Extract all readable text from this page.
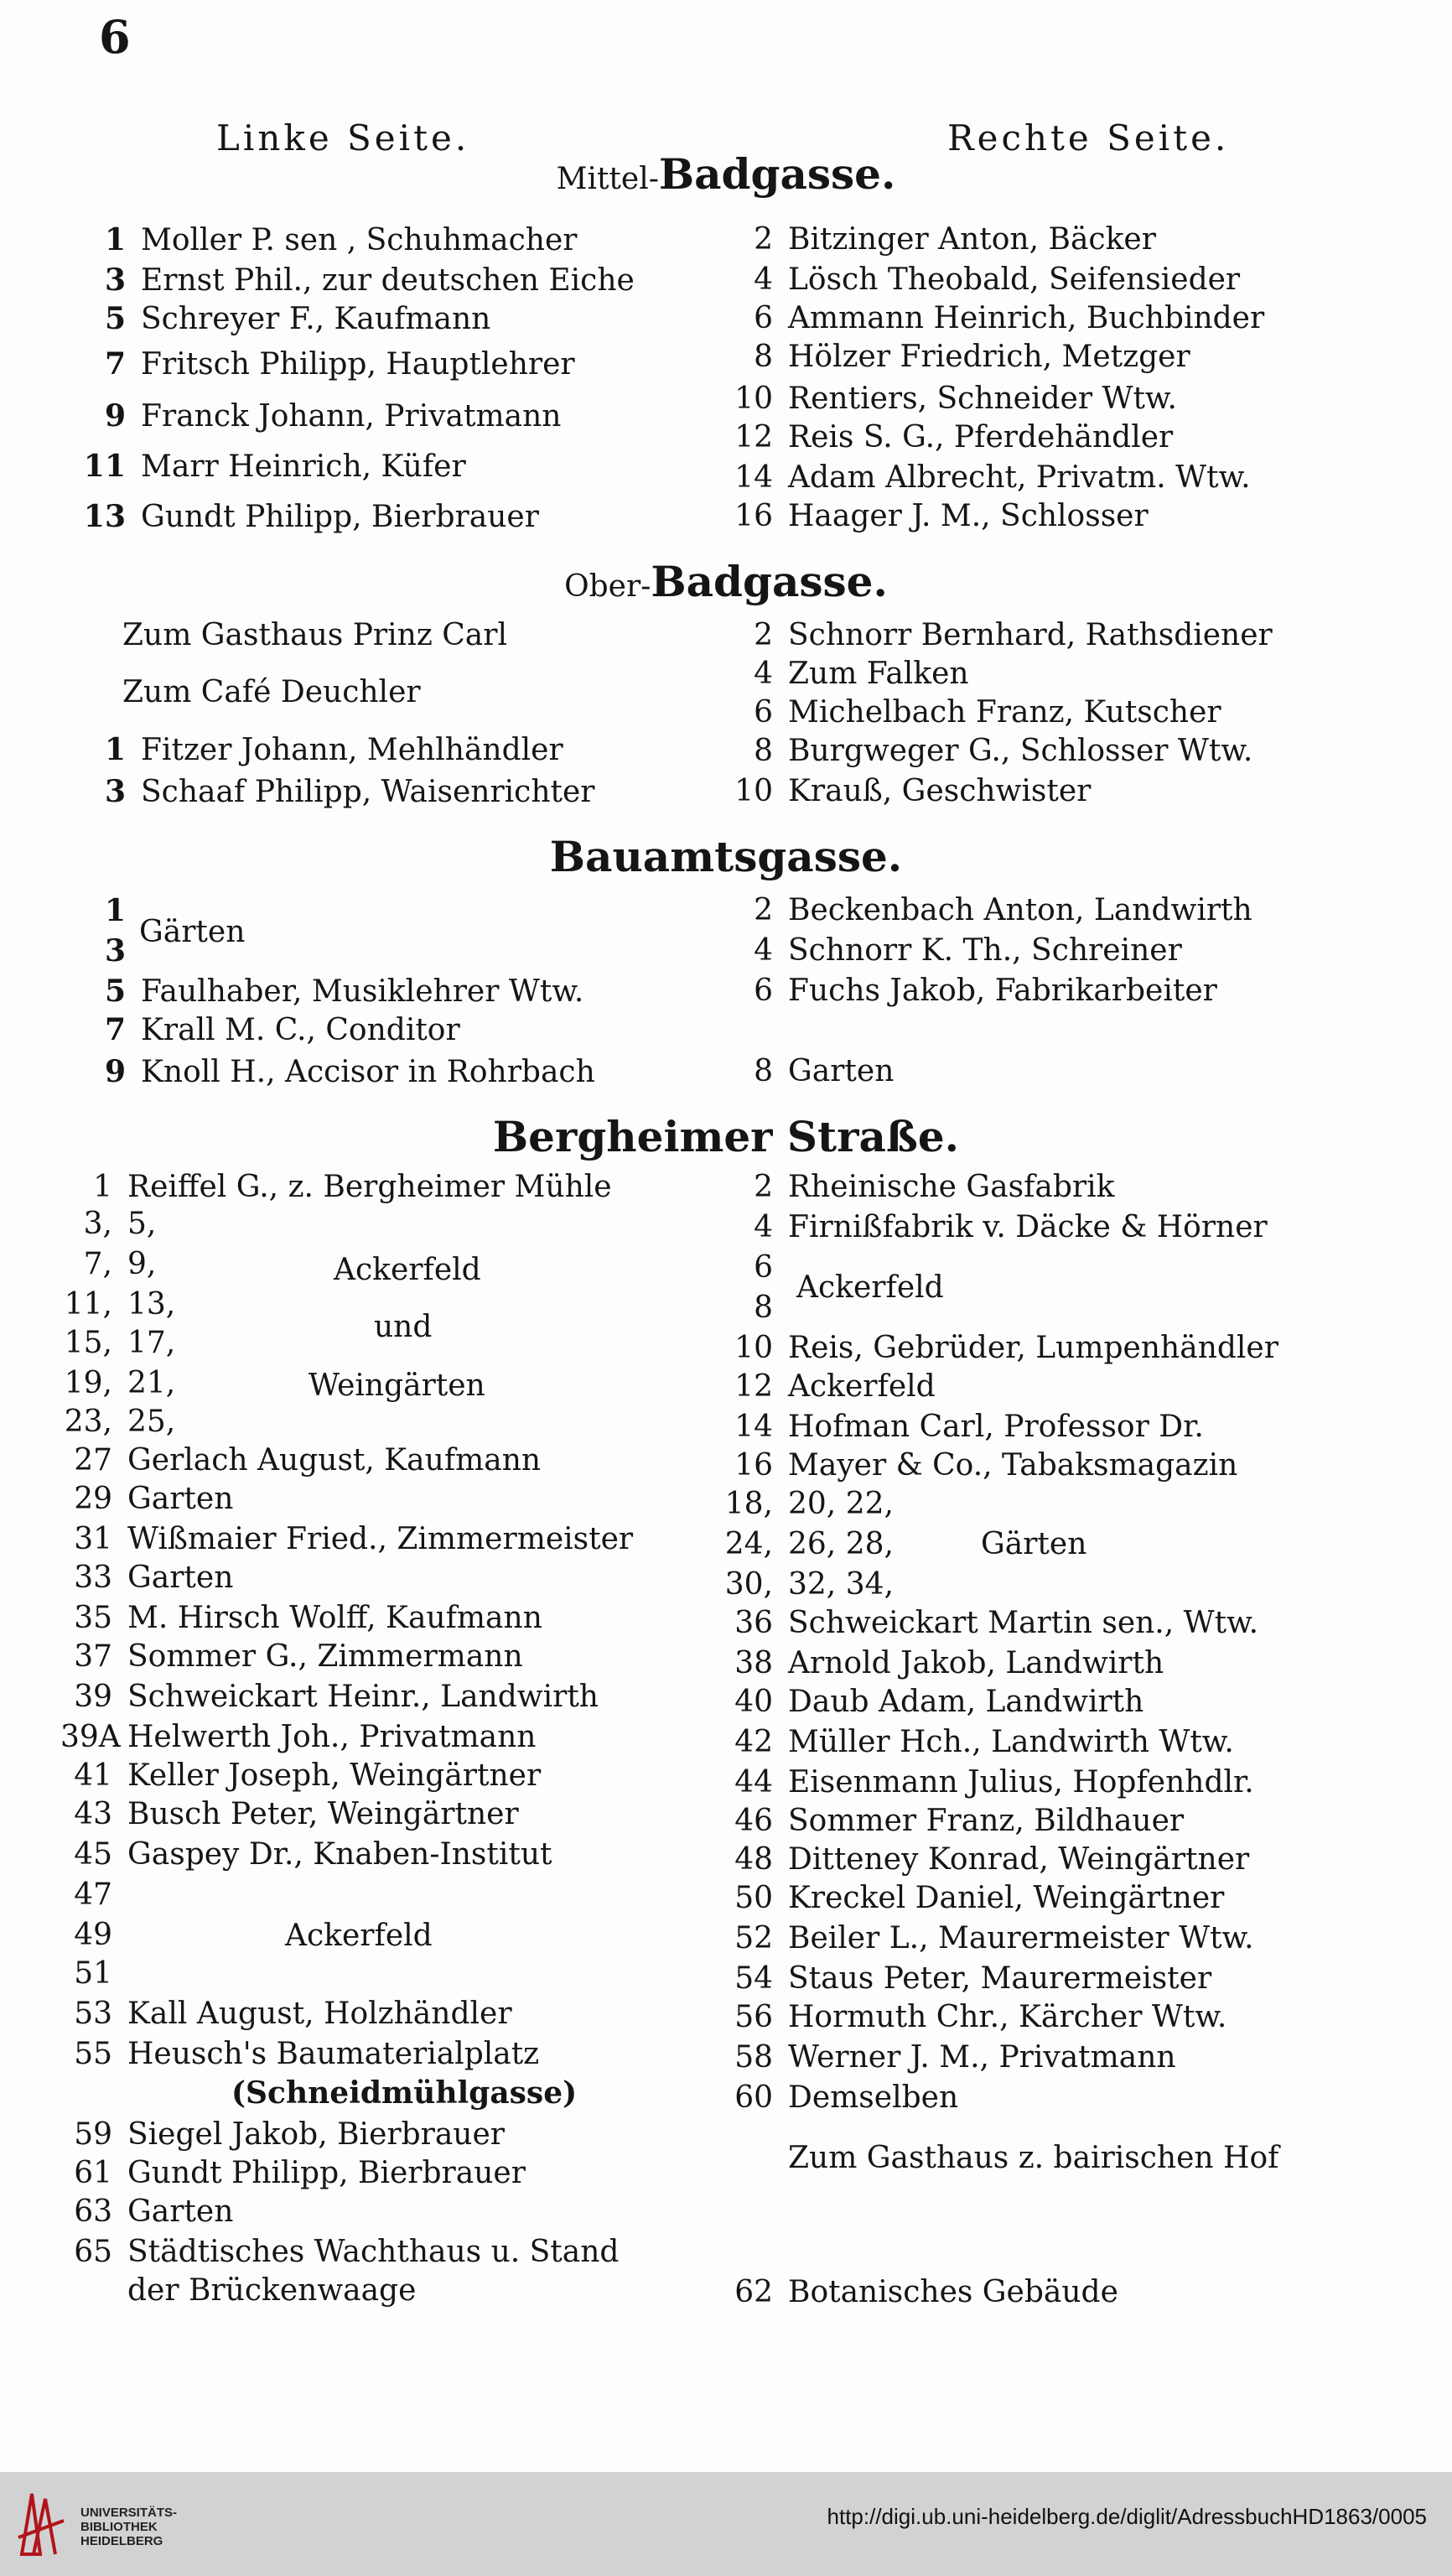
6
Linke Seite.	Rechte Seite.
Mittel-Badgasse.
Ober-Badgasse.
Bauamtsgasse.
Bergheimer Straße.
Ackerfeld
und
Weingärten
Ackerfeld
UNIVERSITÄTS-
BIBLIOTHEK
HEIDELBERG
http://digi.ub.uni-heidelberg.de/diglit/AdressbuchHD1863/0005
1 Moller P. sen , Schuhmacher
3 Ernst Phil., zur deutschen Eiche
5 Schreyer F., Kaufmann
7 Fritsch Philipp, Hauptlehrer
9 Franck Johann, Privatmann
11 Marr Heinrich, Küfer
13 Gundt Philipp, Bierbrauer
2 Bitzinger Anton, Bäcker
4 Lösch Theobald, Seifensieder
6 Ammann Heinrich, Buchbinder
8 Hölzer Friedrich, Metzger
10 Rentiers, Schneider Wtw.
12 Reis S. G., Pferdehändler
14 Adam Albrecht, Privatm. Wtw.
16 Haager J. M., Schlosser
Zum Gasthaus Prinz Carl
Zum Café Deuchler
1 Fitzer Johann, Mehlhändler
3 Schaaf Philipp, Waisenrichter
2 Schnorr Bernhard, Rathsdiener
4 Zum Falken
6 Michelbach Franz, Kutscher
8 Burgweger G., Schlosser Wtw.
10 Krauß, Geschwister
1
3
Gärten
5 Faulhaber, Musiklehrer Wtw.
7 Krall M. C., Conditor
9 Knoll H., Accisor in Rohrbach
2 Beckenbach Anton, Landwirth
4 Schnorr K. Th., Schreiner
6 Fuchs Jakob, Fabrikarbeiter
8 Garten
1 Reiffel G., z. Bergheimer Mühle
3, 5,
7, 9,
11, 13,
15, 17,
19, 21,
23, 25,
27 Gerlach August, Kaufmann
29 Garten
31 Wißmaier Fried., Zimmermeister
33 Garten
35 M. Hirsch Wolff, Kaufmann
37 Sommer G., Zimmermann
39 Schweickart Heinr., Landwirth
39A Helwerth Joh., Privatmann
41 Keller Joseph, Weingärtner
43 Busch Peter, Weingärtner
45 Gaspey Dr., Knaben-Institut
47
49
51
53 Kall August, Holzhändler
55 Heusch's Baumaterialplatz
(Schneidmühlgasse)
59 Siegel Jakob, Bierbrauer
61 Gundt Philipp, Bierbrauer
63 Garten
65 Städtisches Wachthaus u. Stand
der Brückenwaage
2 Rheinische Gasfabrik
4 Firnißfabrik v. Däcke & Hörner
6
8
Ackerfeld
10 Reis, Gebrüder, Lumpenhändler
12 Ackerfeld
14 Hofman Carl, Professor Dr.
16 Mayer & Co., Tabaksmagazin
18, 20, 22,
24, 26, 28,	Gärten
30, 32, 34,
36 Schweickart Martin sen., Wtw.
38 Arnold Jakob, Landwirth
40 Daub Adam, Landwirth
42 Müller Hch., Landwirth Wtw.
44 Eisenmann Julius, Hopfenhdlr.
46 Sommer Franz, Bildhauer
48 Ditteney Konrad, Weingärtner
50 Kreckel Daniel, Weingärtner
52 Beiler L., Maurermeister Wtw.
54 Staus Peter, Maurermeister
56 Hormuth Chr., Kärcher Wtw.
58 Werner J. M., Privatmann
60 Demselben
Zum Gasthaus z. bairischen Hof
62 Botanisches Gebäude
